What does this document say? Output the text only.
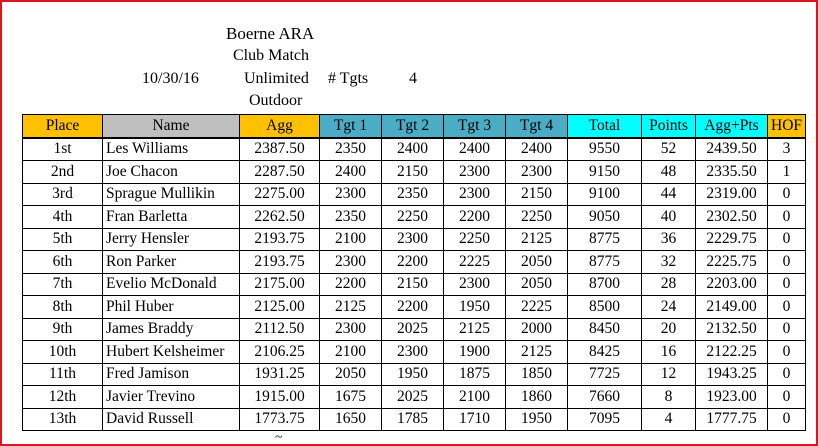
Boerne ARA
Club Match
10/30/16	Unlimited # Tgts	4
Outdoor
Place	Name	Agg	Tgt 1	Tgt 2	Tgt 3	Tgt 4	Total	Points	Agg+Pts	HOF
1st	Les Williams	2387.50	2350	2400	2400	2400	9550	52	2439.50	3
2nd	Joe Chacon	2287.50	2400	2150	2300	2300	9150	48	2335.50	1
3rd	Sprague Mullikin	2275.00	2300	2350	2300	2150	9100	44	2319.00	0
4th	Fran Barletta	2262.50	2350	2250	2200	2250	9050	40	2302.50	0
5th	Jerry Hensler	2193.75	2100	2300	2250	2125	8775	36	2229.75	0
6th	Ron Parker	2193.75	2300	2200	2225	2050	8775	32	2225.75	0
7th	Evelio McDonald	2175.00	2200	2150	2300	2050	8700	28	2203.00	0
8th	Phil Huber	2125.00	2125	2200	1950	2225	8500	24	2149.00	0
9th	James Braddy	2112.50	2300	2025	2125	2000	8450	20	2132.50	0
10th	Hubert Kelsheimer	2106.25	2100	2300	1900	2125	8425	16	2122.25	0
11th	Fred Jamison	1931.25	2050	1950	1875	1850	7725	12	1943.25	0
12th	Javier Trevino	1915.00	1675	2025	2100	1860	7660	8	1923.00	0
13th	David Russell	1773.75	1650	1785	1710	1950	7095	4	1777.75	0
~
